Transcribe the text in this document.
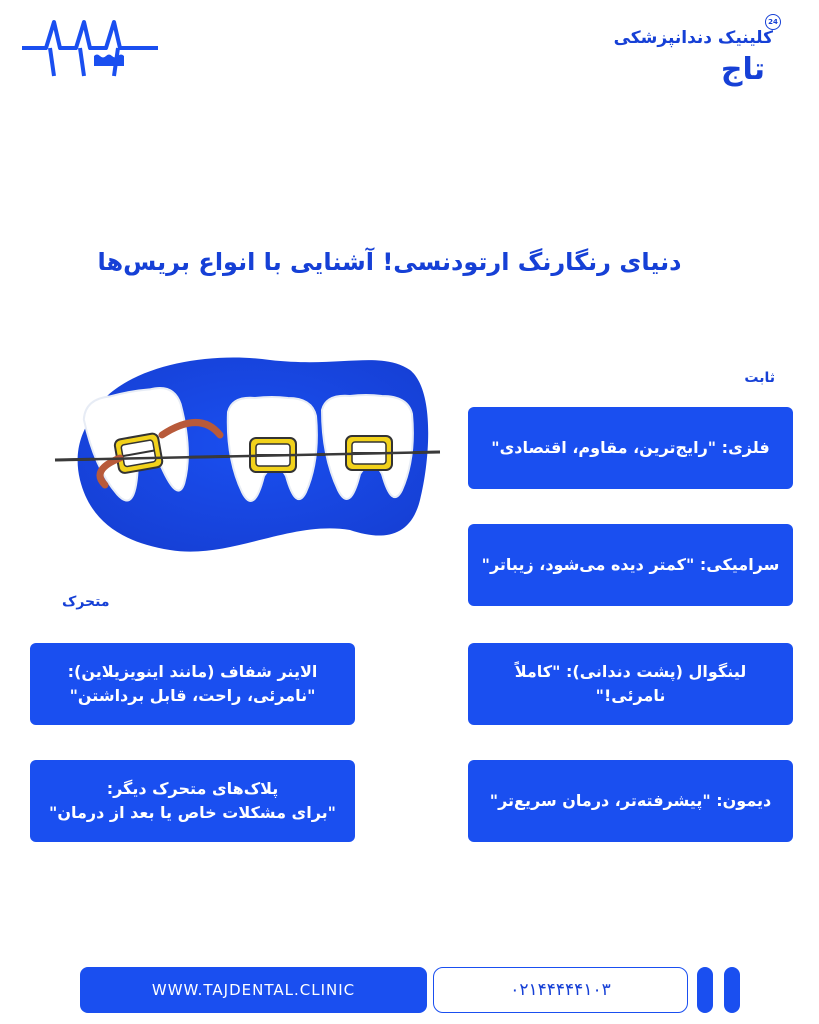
24
کلینیک دندانپزشکی
تاج
دنیای رنگارنگ ارتودنسی! آشنایی با انواع بریس‌ها
ثابت
متحرک
فلزی: "رایج‌ترین، مقاوم، اقتصادی"
سرامیکی: "کمتر دیده می‌شود، زیباتر"
لینگوال (پشت دندانی): "کاملاً نامرئی!"
دیمون: "پیشرفته‌تر، درمان سریع‌تر"
الاینر شفاف (مانند اینویزیلاین):
"نامرئی، راحت، قابل برداشتن"
پلاک‌های متحرک دیگر:
"برای مشکلات خاص یا بعد از درمان"
WWW.TAJDENTAL.CLINIC	۰۲۱۴۴۴۴۴۱۰۳
